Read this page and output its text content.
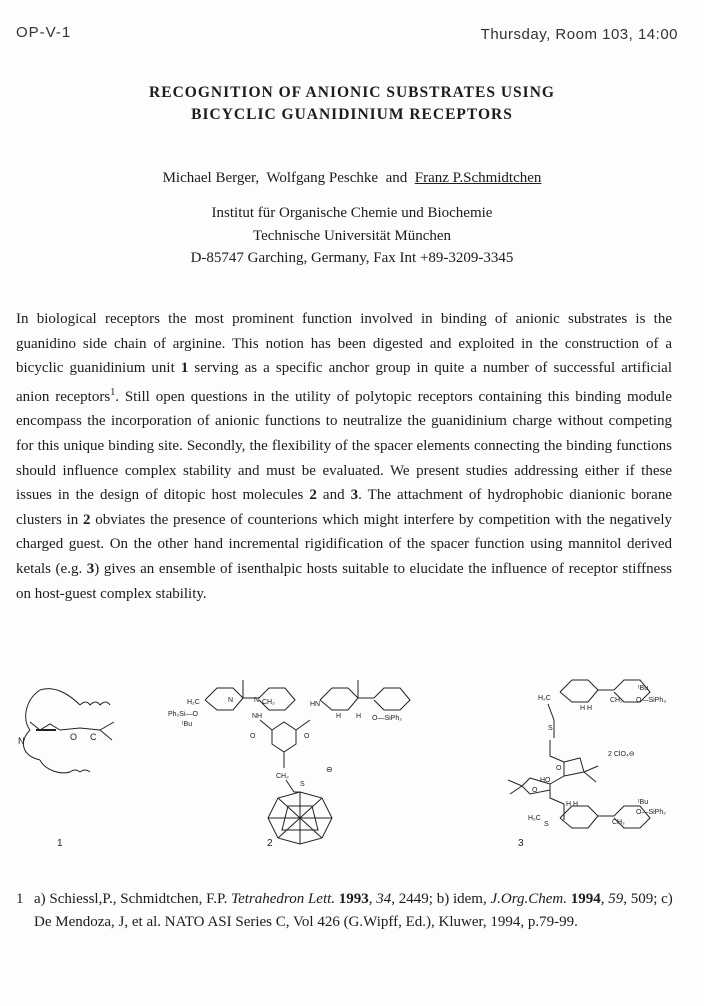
OP-V-1	Thursday, Room 103, 14:00
RECOGNITION OF ANIONIC SUBSTRATES USING
BICYCLIC GUANIDINIUM RECEPTORS
Michael Berger, Wolfgang Peschke and Franz P.Schmidtchen
Institut für Organische Chemie und Biochemie
Technische Universität München
D-85747 Garching, Germany, Fax Int +89-3209-3345
In biological receptors the most prominent function involved in binding of anionic substrates is the guanidino side chain of arginine. This notion has been digested and exploited in the construction of a bicyclic guanidinium unit 1 serving as a specific anchor group in quite a number of successful artificial anion receptors$^1$. Still open questions in the utility of polytopic receptors containing this binding module encompass the incorporation of anionic functions to neutralize the guanidinium charge without competing for this unique binding site. Secondly, the flexibility of the spacer elements connecting the binding functions should influence complex stability and must be evaluated. We present studies addressing either if these issues in the design of ditopic host molecules 2 and 3. The attachment of hydrophobic dianionic borane clusters in 2 obviates the presence of counterions which might interfere by competition with the negatively charged guest. On the other hand incremental rigidification of the spacer function using mannitol derived ketals (e.g. 3) gives an ensemble of isenthalpic hosts suitable to elucidate the influence of receptor stiffness on host-guest complex stability.
N	O C
H₂C	N	N CH₂
Ph₂Si—O
ᵗBu
NH
HN
O—SiPh₂
H H
O	O
CH₂
S
⊖
H₂C	CH₂
ᵗBu
O—SiPh₃
H H
S
O
O
HO
2 ClO₄⊖
S
H₂C
H H
CH₂
ᵗBu
O—SiPh₂
1	2	3
1 a) Schiessl,P., Schmidtchen, F.P. Tetrahedron Lett. 1993, 34, 2449; b) idem, J.Org.Chem. 1994, 59, 509; c) De Mendoza, J, et al. NATO ASI Series C, Vol 426 (G.Wipff, Ed.), Kluwer, 1994, p.79-99.
